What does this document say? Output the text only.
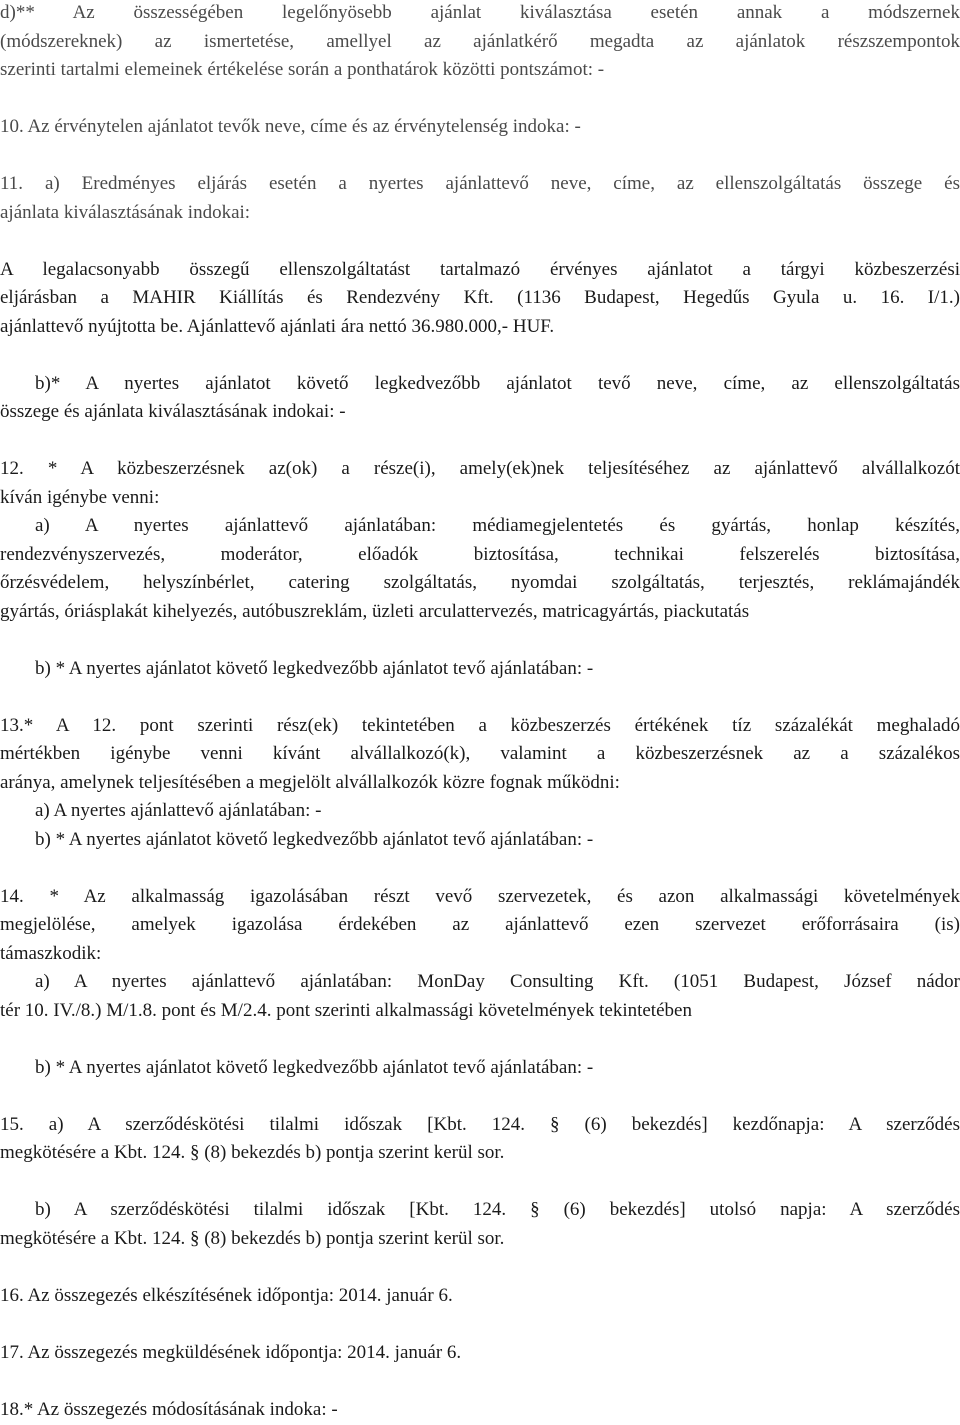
d)** Az összességében legelőnyösebb ajánlat kiválasztása esetén annak a módszernek
(módszereknek) az ismertetése, amellyel az ajánlatkérő megadta az ajánlatok részszempontok
szerinti tartalmi elemeinek értékelése során a ponthatárok közötti pontszámot: -
10. Az érvénytelen ajánlatot tevők neve, címe és az érvénytelenség indoka: -
11. a) Eredményes eljárás esetén a nyertes ajánlattevő neve, címe, az ellenszolgáltatás összege és
ajánlata kiválasztásának indokai:
A legalacsonyabb összegű ellenszolgáltatást tartalmazó érvényes ajánlatot a tárgyi közbeszerzési
eljárásban a MAHIR Kiállítás és Rendezvény Kft. (1136 Budapest, Hegedűs Gyula u. 16. I/1.)
ajánlattevő nyújtotta be. Ajánlattevő ajánlati ára nettó 36.980.000,- HUF.
b)* A nyertes ajánlatot követő legkedvezőbb ajánlatot tevő neve, címe, az ellenszolgáltatás
összege és ajánlata kiválasztásának indokai: -
12. * A közbeszerzésnek az(ok) a része(i), amely(ek)nek teljesítéséhez az ajánlattevő alvállalkozót
kíván igénybe venni:
a) A nyertes ajánlattevő ajánlatában: médiamegjelentetés és gyártás, honlap készítés,
rendezvényszervezés, moderátor, előadók biztosítása, technikai felszerelés biztosítása,
őrzésvédelem, helyszínbérlet, catering szolgáltatás, nyomdai szolgáltatás, terjesztés, reklámajándék
gyártás, óriásplakát kihelyezés, autóbuszreklám, üzleti arculattervezés, matricagyártás, piackutatás
b) * A nyertes ajánlatot követő legkedvezőbb ajánlatot tevő ajánlatában: -
13.* A 12. pont szerinti rész(ek) tekintetében a közbeszerzés értékének tíz százalékát meghaladó
mértékben igénybe venni kívánt alvállalkozó(k), valamint a közbeszerzésnek az a százalékos
aránya, amelynek teljesítésében a megjelölt alvállalkozók közre fognak működni:
a) A nyertes ajánlattevő ajánlatában: -
b) * A nyertes ajánlatot követő legkedvezőbb ajánlatot tevő ajánlatában: -
14. * Az alkalmasság igazolásában részt vevő szervezetek, és azon alkalmassági követelmények
megjelölése, amelyek igazolása érdekében az ajánlattevő ezen szervezet erőforrásaira (is)
támaszkodik:
a) A nyertes ajánlattevő ajánlatában: MonDay Consulting Kft. (1051 Budapest, József nádor
tér 10. IV./8.) M/1.8. pont és M/2.4. pont szerinti alkalmassági követelmények tekintetében
b) * A nyertes ajánlatot követő legkedvezőbb ajánlatot tevő ajánlatában: -
15. a) A szerződéskötési tilalmi időszak [Kbt. 124. § (6) bekezdés] kezdőnapja: A szerződés
megkötésére a Kbt. 124. § (8) bekezdés b) pontja szerint kerül sor.
b) A szerződéskötési tilalmi időszak [Kbt. 124. § (6) bekezdés] utolsó napja: A szerződés
megkötésére a Kbt. 124. § (8) bekezdés b) pontja szerint kerül sor.
16. Az összegezés elkészítésének időpontja: 2014. január 6.
17. Az összegezés megküldésének időpontja: 2014. január 6.
18.* Az összegezés módosításának indoka: -
